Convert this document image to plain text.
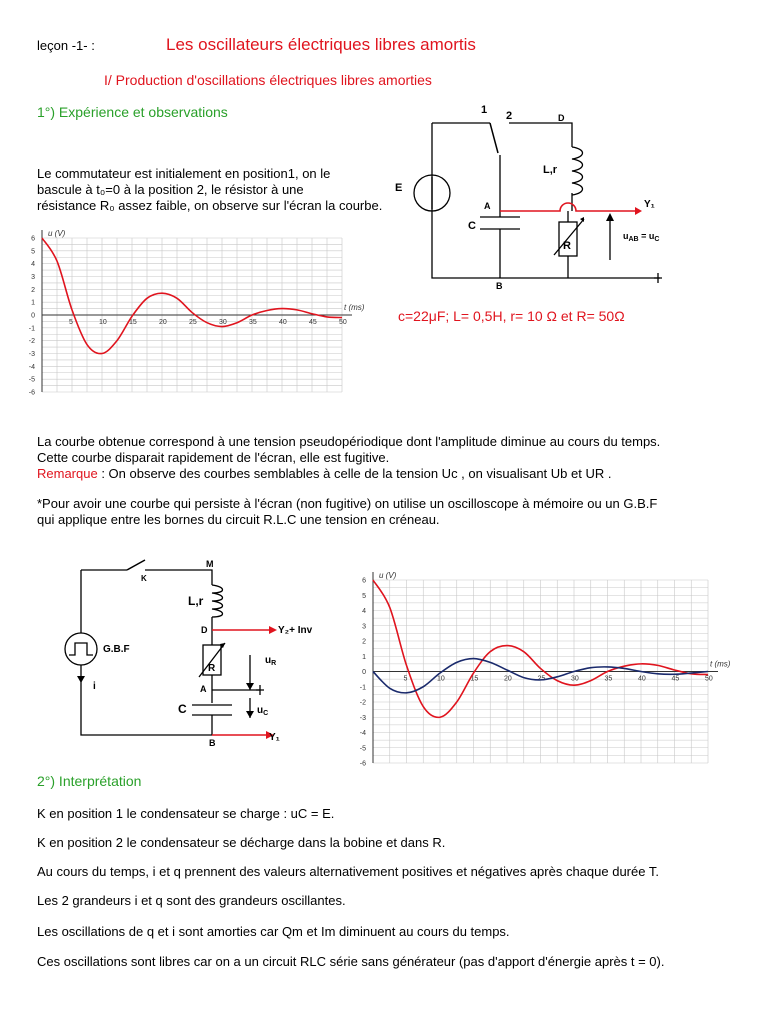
leçon -1- :	Les oscillateurs électriques libres amortis
I/ Production d'oscillations électriques libres amorties
1°) Expérience et observations
Le commutateur est initialement en position1, on le
bascule à t₀=0 à la position 2, le résistor à une
résistance R₀ assez faible, on observe sur l'écran la courbe.
c=22μF; L= 0,5H, r= 10 Ω et R= 50Ω
1 2	D
E
A
C
B
L,r
R
Y₁
$u_{AB} = u_C$
5	10	15	20	25	30	35	40	45	50
6
5
4
3
2
1
0
-1
-2
-3
-4
-5
-6
u (V)
t (ms)
La courbe obtenue correspond à une tension pseudopériodique dont l'amplitude diminue au cours du temps.
Cette courbe disparait rapidement de l'écran, elle est fugitive.
Remarque : On observe des courbes semblables à celle de la tension Uc , on visualisant Ub et UR .
*Pour avoir une courbe qui persiste à l'écran (non fugitive) on utilise un oscilloscope à mémoire ou un G.B.F
qui applique entre les bornes du circuit R.L.C une tension en créneau.
K
M
L,r
D	Y₂+ Inv
G.B.F
R
$u_R$
A
i
C	$u_C$
B	Y₁
5	10	15	20	25	30	35	40	45	50
6
5
4
3
2
1
0
-1
-2
-3
-4
-5
-6
u (V)
t (ms)
2°) Interprétation
K en position 1 le condensateur se charge : uC = E.
K en position 2 le condensateur se décharge dans la bobine et dans R.
Au cours du temps, i et q prennent des valeurs alternativement positives et négatives après chaque durée T.
Les 2 grandeurs i et q sont des grandeurs oscillantes.
Les oscillations de q et i sont amorties car Qm et Im diminuent au cours du temps.
Ces oscillations sont libres car on a un circuit RLC série sans générateur (pas d'apport d'énergie après t = 0).
